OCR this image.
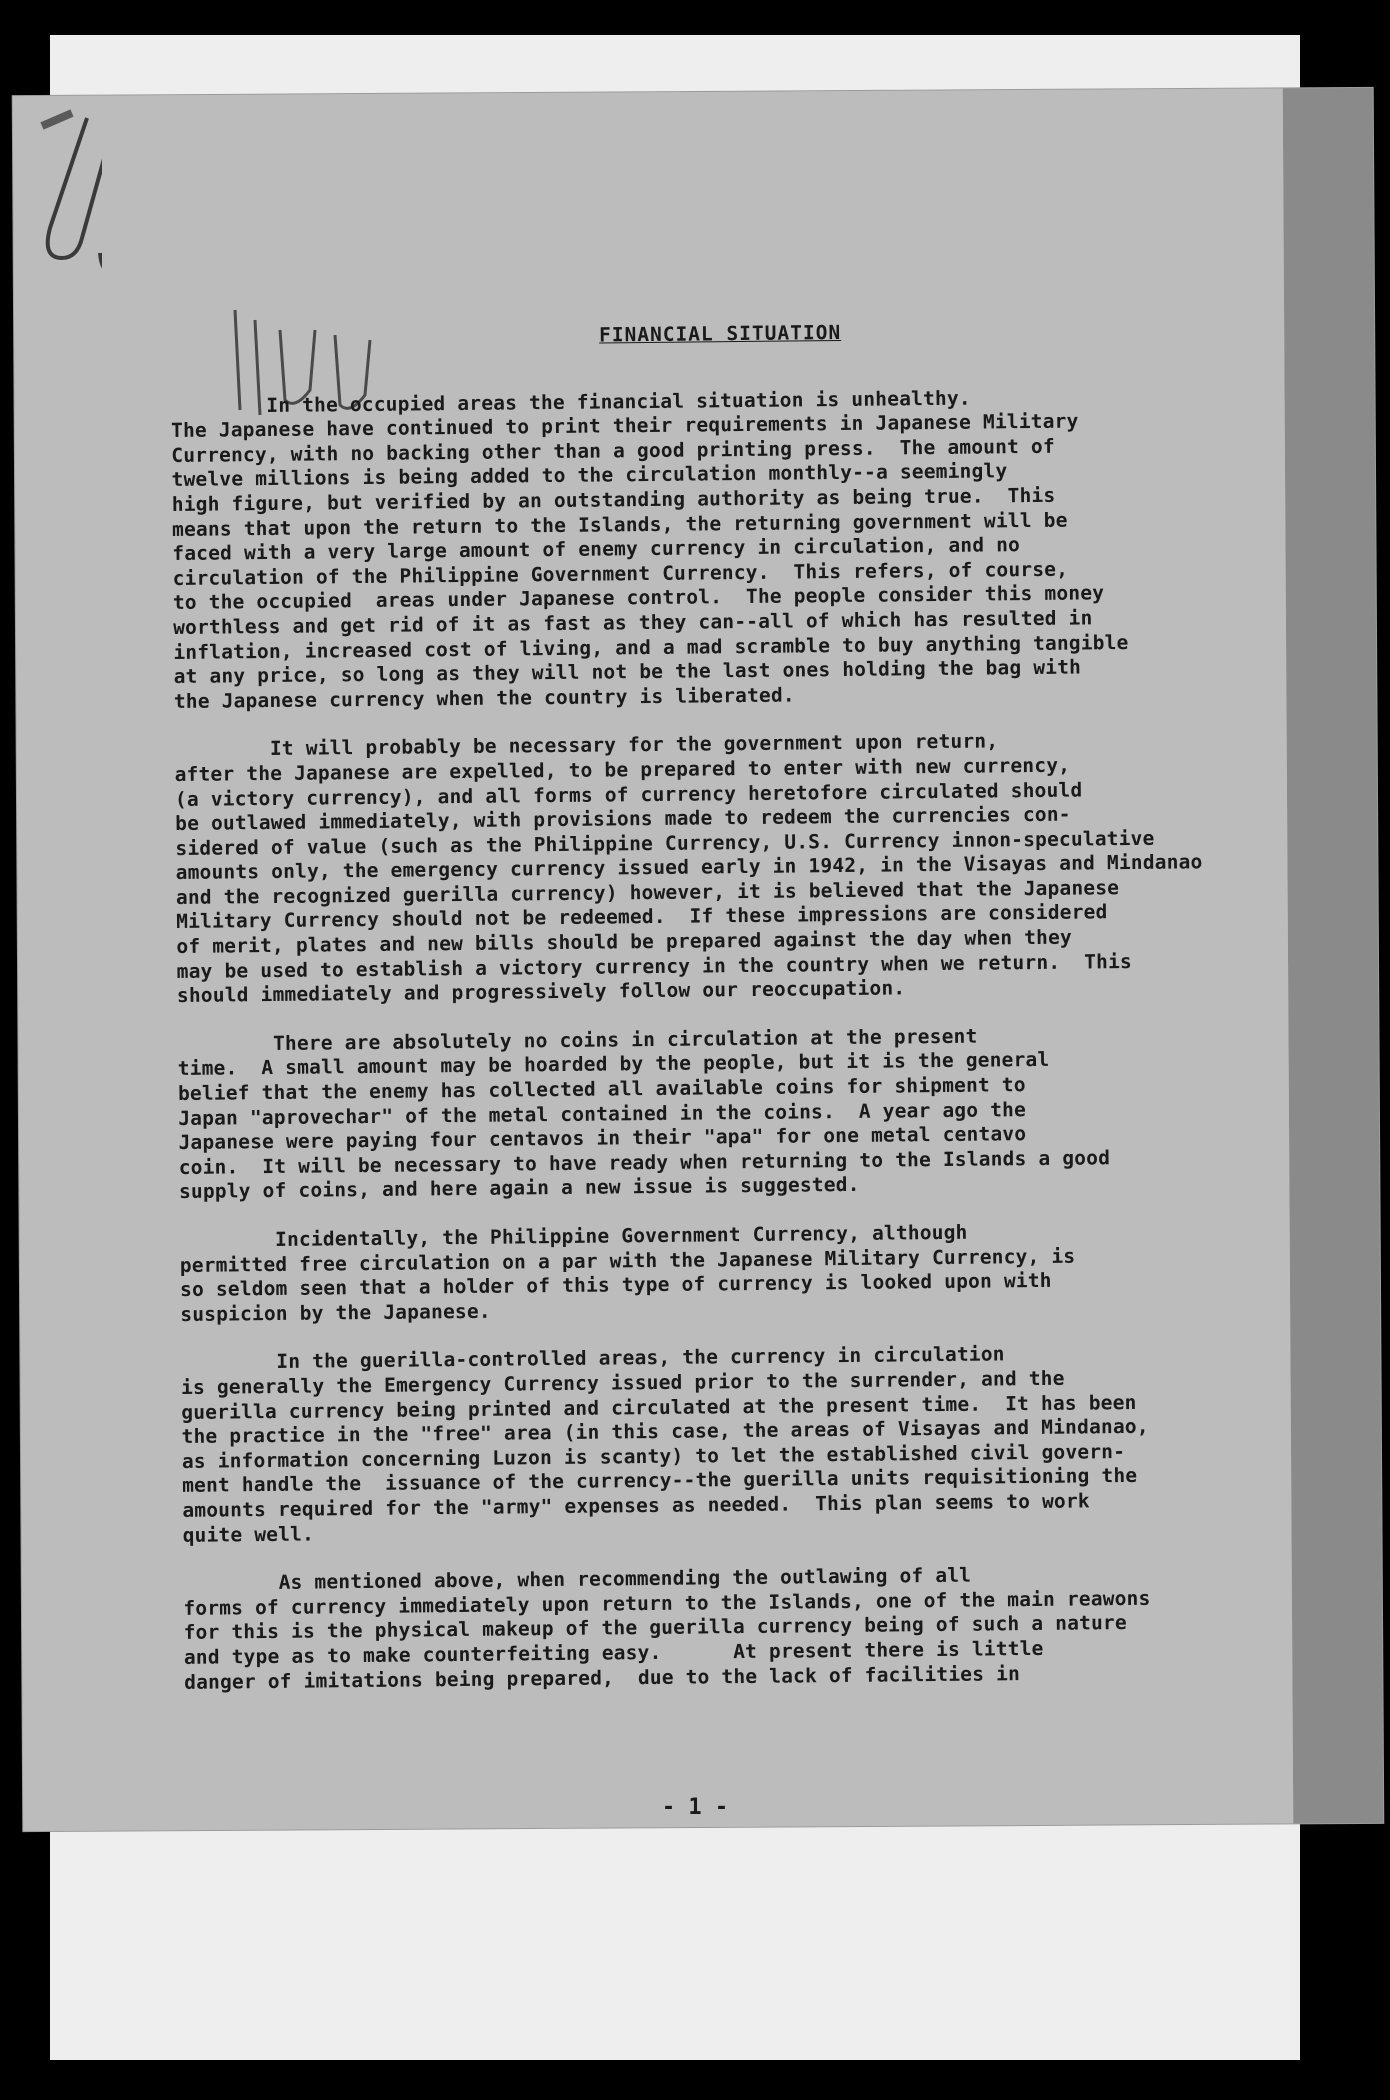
FINANCIAL SITUATION
In the occupied areas the financial situation is unhealthy.
The Japanese have continued to print their requirements in Japanese Military
Currency, with no backing other than a good printing press.  The amount of
twelve millions is being added to the circulation monthly--a seemingly
high figure, but verified by an outstanding authority as being true.  This
means that upon the return to the Islands, the returning government will be
faced with a very large amount of enemy currency in circulation, and no
circulation of the Philippine Government Currency.  This refers, of course,
to the occupied  areas under Japanese control.  The people consider this money
worthless and get rid of it as fast as they can--all of which has resulted in
inflation, increased cost of living, and a mad scramble to buy anything tangible
at any price, so long as they will not be the last ones holding the bag with
the Japanese currency when the country is liberated.
It will probably be necessary for the government upon return,
after the Japanese are expelled, to be prepared to enter with new currency,
(a victory currency), and all forms of currency heretofore circulated should
be outlawed immediately, with provisions made to redeem the currencies con-
sidered of value (such as the Philippine Currency, U.S. Currency innon-speculative
amounts only, the emergency currency issued early in 1942, in the Visayas and Mindanao
and the recognized guerilla currency) however, it is believed that the Japanese
Military Currency should not be redeemed.  If these impressions are considered
of merit, plates and new bills should be prepared against the day when they
may be used to establish a victory currency in the country when we return.  This
should immediately and progressively follow our reoccupation.
There are absolutely no coins in circulation at the present
time.  A small amount may be hoarded by the people, but it is the general
belief that the enemy has collected all available coins for shipment to
Japan "aprovechar" of the metal contained in the coins.  A year ago the
Japanese were paying four centavos in their "apa" for one metal centavo
coin.  It will be necessary to have ready when returning to the Islands a good
supply of coins, and here again a new issue is suggested.
Incidentally, the Philippine Government Currency, although
permitted free circulation on a par with the Japanese Military Currency, is
so seldom seen that a holder of this type of currency is looked upon with
suspicion by the Japanese.
In the guerilla-controlled areas, the currency in circulation
is generally the Emergency Currency issued prior to the surrender, and the
guerilla currency being printed and circulated at the present time.  It has been
the practice in the "free" area (in this case, the areas of Visayas and Mindanao,
as information concerning Luzon is scanty) to let the established civil govern-
ment handle the  issuance of the currency--the guerilla units requisitioning the
amounts required for the "army" expenses as needed.  This plan seems to work
quite well.
As mentioned above, when recommending the outlawing of all
forms of currency immediately upon return to the Islands, one of the main reawons
for this is the physical makeup of the guerilla currency being of such a nature
and type as to make counterfeiting easy.      At present there is little
danger of imitations being prepared,  due to the lack of facilities in
- 1 -
